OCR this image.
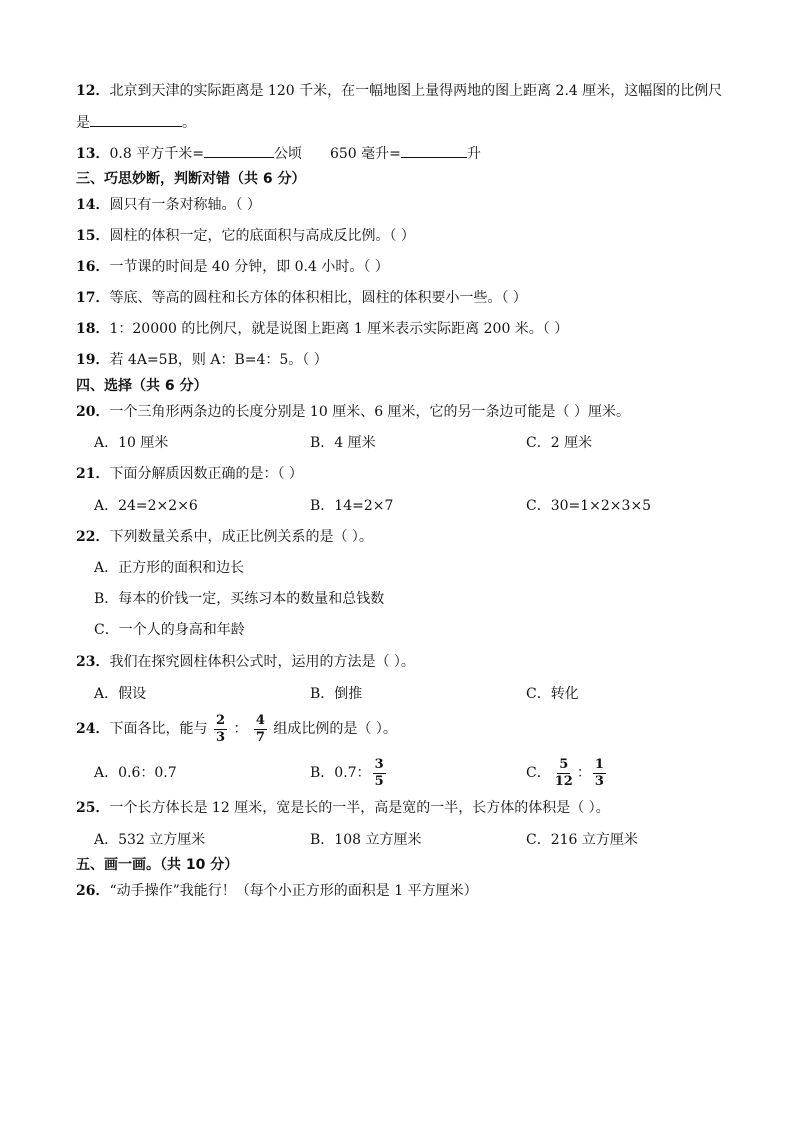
12．北京到天津的实际距离是 120 千米，在一幅地图上量得两地的图上距离 2.4 厘米，这幅图的比例尺
是	。
13．0.8 平方千米=	公顷 650 毫升=	升
三、巧思妙断，判断对错（共 6 分）
14．圆只有一条对称轴。（ ）
15．圆柱的体积一定，它的底面积与高成反比例。（ ）
16．一节课的时间是 40 分钟，即 0.4 小时。（ ）
17．等底、等高的圆柱和长方体的体积相比，圆柱的体积要小一些。（ ）
18．1：20000 的比例尺，就是说图上距离 1 厘米表示实际距离 200 米。（ ）
19．若 4A=5B，则 A：B=4：5。（ ）
四、选择（共 6 分）
20．一个三角形两条边的长度分别是 10 厘米、6 厘米，它的另一条边可能是（ ）厘米。
A．10 厘米	B．4 厘米	C．2 厘米
21．下面分解质因数正确的是：（ ）
A．24=2×2×6	B．14=2×7	C．30=1×2×3×5
22．下列数量关系中，成正比例关系的是（ ）。
A．正方形的面积和边长
B．每本的价钱一定，买练习本的数量和总钱数
C．一个人的身高和年龄
23．我们在探究圆柱体积公式时，运用的方法是（ ）。
A．假设	B．倒推	C．转化
24．下面各比，能与 $\frac{2}{3}$ ： $\frac{4}{7}$ 组成比例的是（ ）。
A．0.6：0.7	B．0.7： $\frac{3}{5}$	C． $\frac{5}{12}$ ： $\frac{1}{3}$
25．一个长方体长是 12 厘米，宽是长的一半，高是宽的一半，长方体的体积是（ ）。
A．532 立方厘米	B．108 立方厘米	C．216 立方厘米
五、画一画。（共 10 分）
26．“动手操作”我能行！（每个小正方形的面积是 1 平方厘米）
